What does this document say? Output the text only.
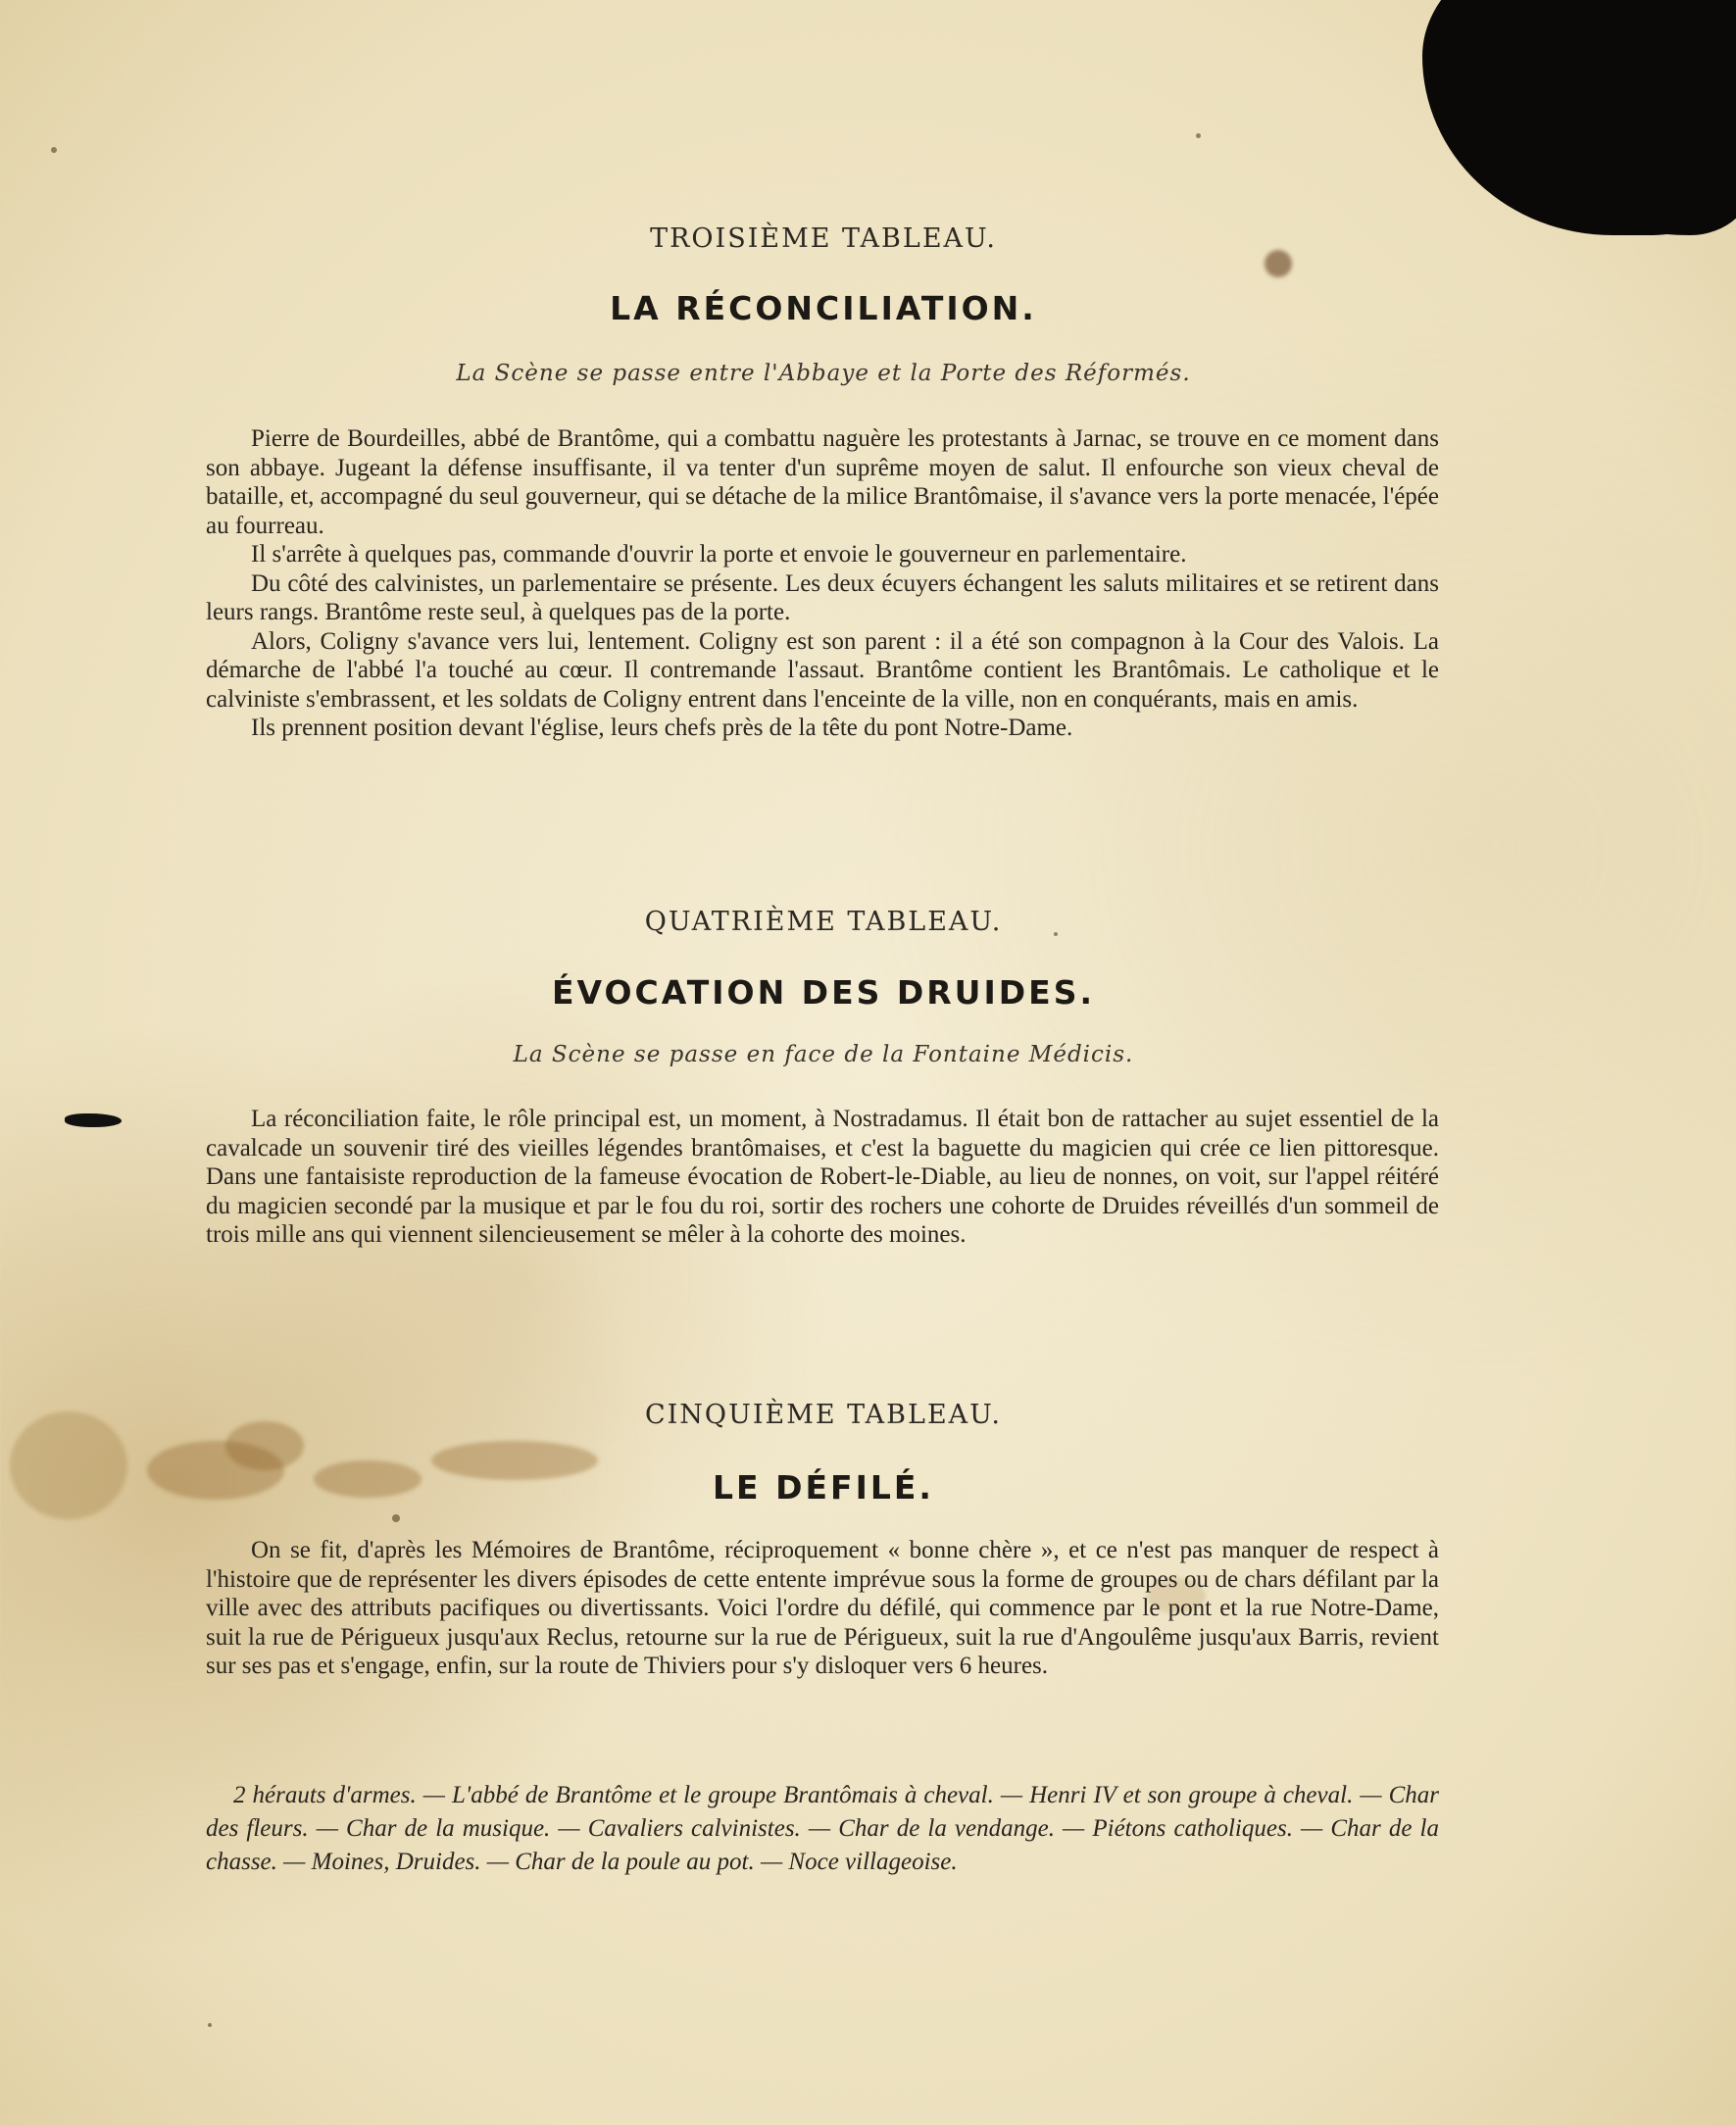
TROISIÈME TABLEAU.
LA RÉCONCILIATION.
La Scène se passe entre l'Abbaye et la Porte des Réformés.

Pierre de Bourdeilles, abbé de Brantôme, qui a combattu naguère les protestants à Jarnac, se trouve en ce moment dans son abbaye. Jugeant la défense insuffisante, il va tenter d'un suprême moyen de salut. Il enfourche son vieux cheval de bataille, et, accompagné du seul gouverneur, qui se détache de la milice Brantômaise, il s'avance vers la porte menacée, l'épée au fourreau.

Il s'arrête à quelques pas, commande d'ouvrir la porte et envoie le gouverneur en parlementaire.

Du côté des calvinistes, un parlementaire se présente. Les deux écuyers échangent les saluts militaires et se retirent dans leurs rangs. Brantôme reste seul, à quelques pas de la porte.

Alors, Coligny s'avance vers lui, lentement. Coligny est son parent : il a été son compagnon à la Cour des Valois. La démarche de l'abbé l'a touché au cœur. Il contremande l'assaut. Brantôme contient les Brantômais. Le catholique et le calviniste s'embrassent, et les soldats de Coligny entrent dans l'enceinte de la ville, non en conquérants, mais en amis.

Ils prennent position devant l'église, leurs chefs près de la tête du pont Notre-Dame.

QUATRIÈME TABLEAU.
ÉVOCATION DES DRUIDES.
La Scène se passe en face de la Fontaine Médicis.

La réconciliation faite, le rôle principal est, un moment, à Nostradamus. Il était bon de rattacher au sujet essentiel de la cavalcade un souvenir tiré des vieilles légendes brantômaises, et c'est la baguette du magicien qui crée ce lien pittoresque. Dans une fantaisiste reproduction de la fameuse évocation de Robert-le-Diable, au lieu de nonnes, on voit, sur l'appel réitéré du magicien secondé par la musique et par le fou du roi, sortir des rochers une cohorte de Druides réveillés d'un sommeil de trois mille ans qui viennent silencieusement se mêler à la cohorte des moines.

CINQUIÈME TABLEAU.
LE DÉFILÉ.

On se fit, d'après les Mémoires de Brantôme, réciproquement « bonne chère », et ce n'est pas manquer de respect à l'histoire que de représenter les divers épisodes de cette entente imprévue sous la forme de groupes ou de chars défilant par la ville avec des attributs pacifiques ou divertissants. Voici l'ordre du défilé, qui commence par le pont et la rue Notre-Dame, suit la rue de Périgueux jusqu'aux Reclus, retourne sur la rue de Périgueux, suit la rue d'Angoulême jusqu'aux Barris, revient sur ses pas et s'engage, enfin, sur la route de Thiviers pour s'y disloquer vers 6 heures.

2 hérauts d'armes. — L'abbé de Brantôme et le groupe Brantômais à cheval. — Henri IV et son groupe à cheval. — Char des fleurs. — Char de la musique. — Cavaliers calvinistes. — Char de la vendange. — Piétons catholiques. — Char de la chasse. — Moines, Druides. — Char de la poule au pot. — Noce villageoise.
